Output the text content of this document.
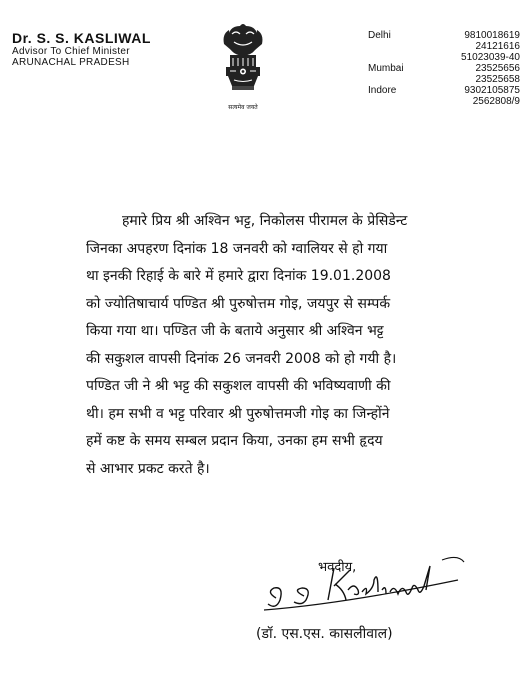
Dr. S. S. KASLIWAL
Advisor To Chief Minister
ARUNACHAL PRADESH
सत्यमेव जयते
Delhi	9810018619
24121616
51023039-40
Mumbai	23525656
23525658
Indore	9302105875
2562808/9
हमारे प्रिय श्री अश्विन भट्ट, निकोलस पीरामल के प्रेसिडेन्ट
जिनका अपहरण दिनांक 18 जनवरी को ग्वालियर से हो गया
था इनकी रिहाई के बारे में हमारे द्वारा दिनांक 19.01.2008
को ज्योतिषाचार्य पण्डित श्री पुरुषोत्तम गोइ, जयपुर से सम्पर्क
किया गया था। पण्डित जी के बताये अनुसार श्री अश्विन भट्ट
की सकुशल वापसी दिनांक 26 जनवरी 2008 को हो गयी है।
पण्डित जी ने श्री भट्ट की सकुशल वापसी की भविष्यवाणी की
थी। हम सभी व भट्ट परिवार श्री पुरुषोत्तमजी गोइ का जिन्होंने
हमें कष्ट के समय सम्बल प्रदान किया, उनका हम सभी हृदय
से आभार प्रकट करते है।
भवदीय,
(डॉ. एस.एस. कासलीवाल)
